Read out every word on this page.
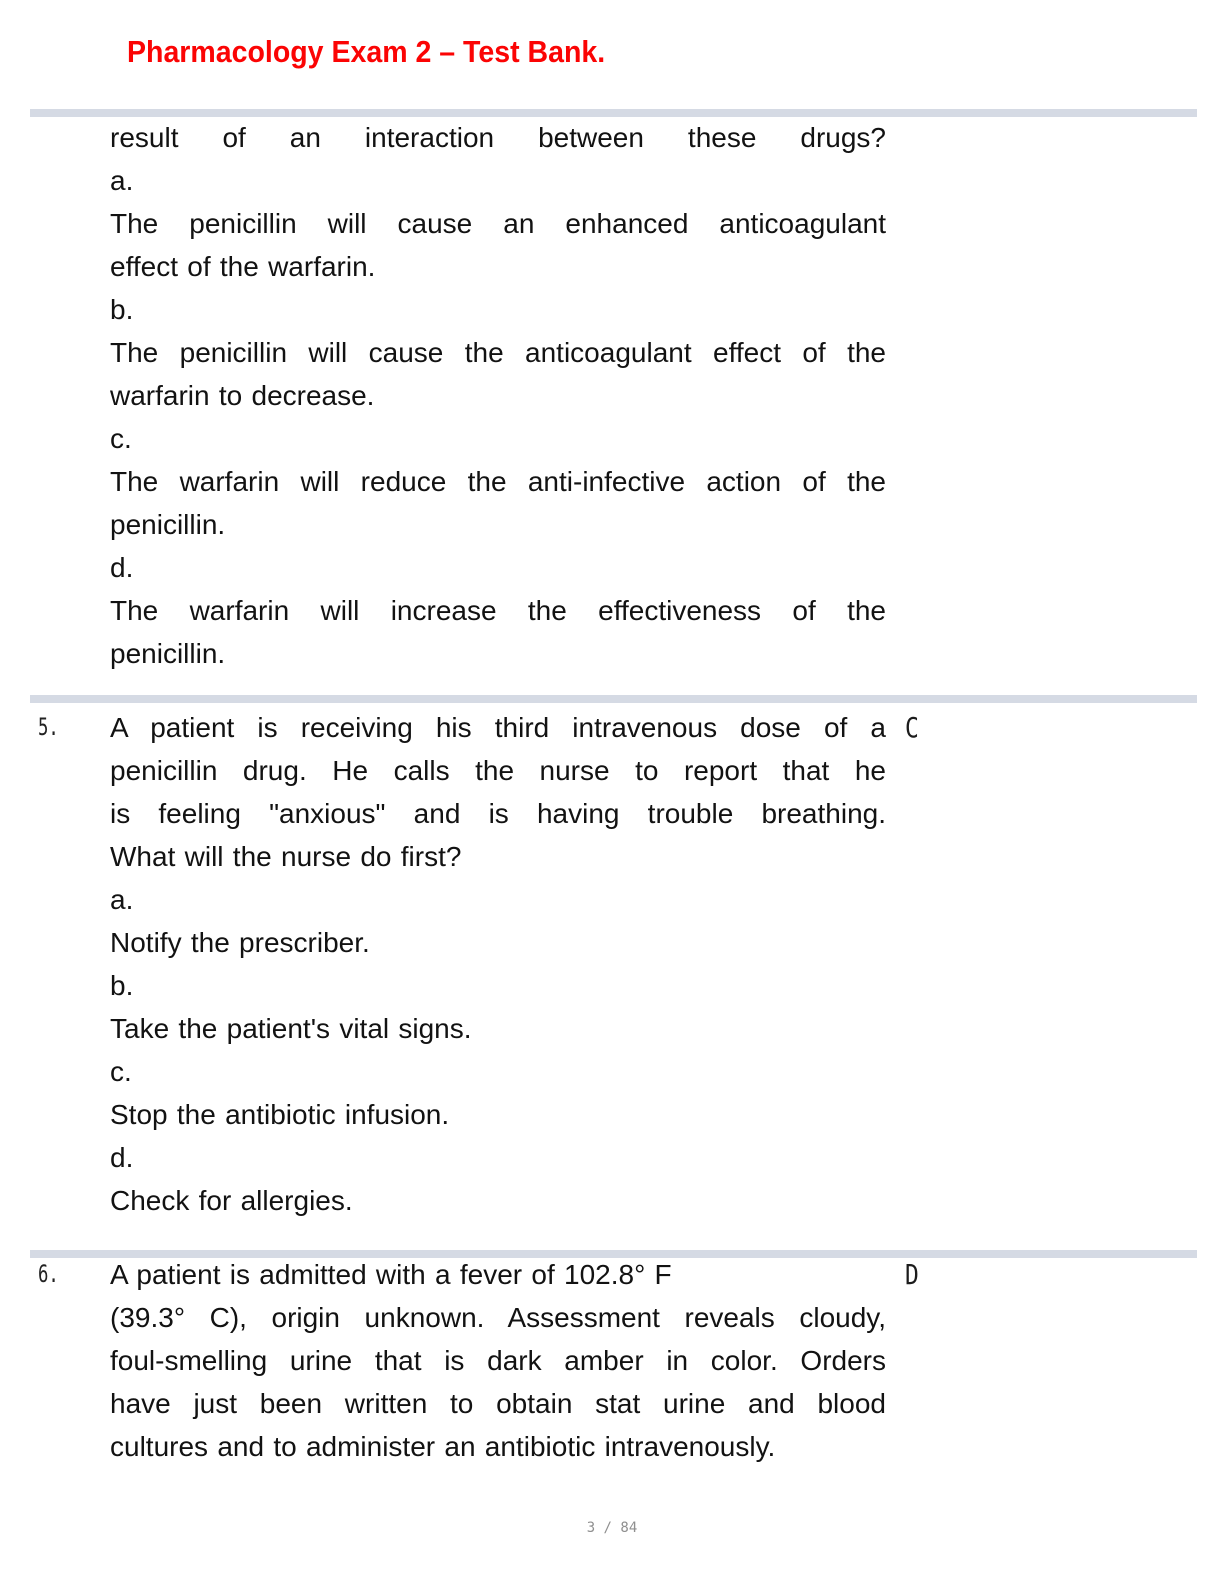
Pharmacology Exam 2 – Test Bank.
result of an interaction between these drugs?
a.
The penicillin will cause an enhanced anticoagulant
effect of the warfarin.
b.
The penicillin will cause the anticoagulant effect of the
warfarin to decrease.
c.
The warfarin will reduce the anti-infective action of the
penicillin.
d.
The warfarin will increase the effectiveness of the
penicillin.
5. A patient is receiving his third intravenous dose of a
penicillin drug. He calls the nurse to report that he
is feeling "anxious" and is having trouble breathing.
What will the nurse do first?
a.
Notify the prescriber.
b.
Take the patient's vital signs.
c.
Stop the antibiotic infusion.
d.
Check for allergies.
C
6. A patient is admitted with a fever of 102.8° F
(39.3° C), origin unknown. Assessment reveals cloudy,
foul-smelling urine that is dark amber in color. Orders
have just been written to obtain stat urine and blood
cultures and to administer an antibiotic intravenously.
D
3 / 84
